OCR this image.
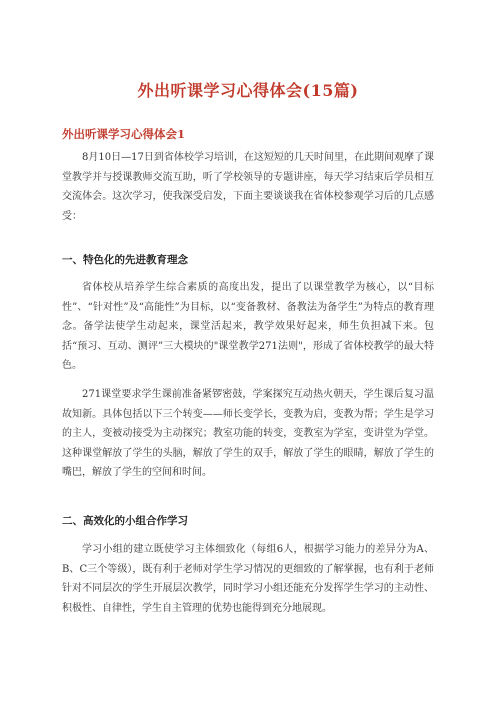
外出听课学习心得体会(15篇)
外出听课学习心得体会1

8月10日—17日到省体校学习培训，在这短短的几天时间里，在此期间观摩了课堂教学并与授课教师交流互助，听了学校领导的专题讲座，每天学习结束后学员相互交流体会。这次学习，使我深受启发，下面主要谈谈我在省体校参观学习后的几点感受：

一、特色化的先进教育理念

省体校从培养学生综合素质的高度出发，提出了以课堂教学为核心，以“目标性”、“针对性”及“高能性”为目标，以“变备教材、备教法为备学生”为特点的教育理念。备学法使学生动起来，课堂活起来，教学效果好起来，师生负担减下来。包括“预习、互动、测评”三大模块的"课堂教学271法则"，形成了省体校教学的最大特色。

271课堂要求学生课前准备紧锣密鼓，学案探究互动热火朝天，学生课后复习温故知新。具体包括以下三个转变——师长变学长，变教为启，变教为帮；学生是学习的主人，变被动接受为主动探究；教室功能的转变，变教室为学室，变讲堂为学堂。这种课堂解放了学生的头脑，解放了学生的双手，解放了学生的眼睛，解放了学生的嘴巴，解放了学生的空间和时间。

二、高效化的小组合作学习

学习小组的建立既使学习主体细致化（每组6人，根据学习能力的差异分为A、B、C三个等级），既有利于老师对学生学习情况的更细致的了解掌握，也有利于老师针对不同层次的学生开展层次教学，同时学习小组还能充分发挥学生学习的主动性、积极性、自律性，学生自主管理的优势也能得到充分地展现。
